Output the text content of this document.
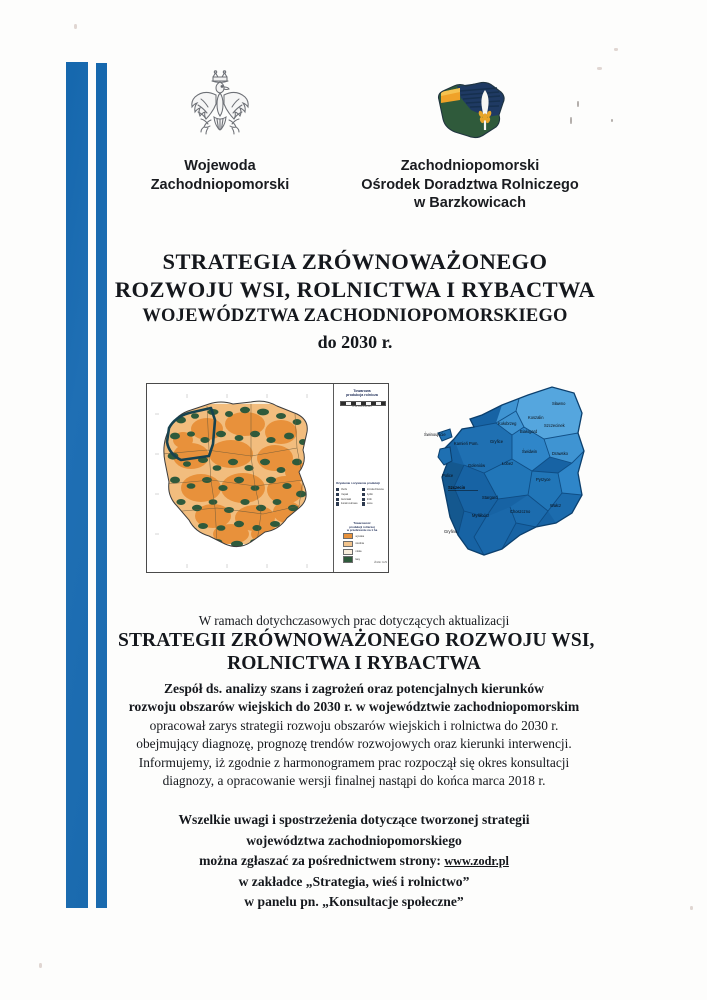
Wojewoda
Zachodniopomorski
Zachodniopomorski
Ośrodek Doradztwa Rolniczego
w Barzkowicach
STRATEGIA ZRÓWNOWAŻONEGO
ROZWOJU WSI, ROLNICTWA I RYBACTWA
WOJEWÓDZTWA ZACHODNIOPOMORSKIEGO
do 2030 r.
Towarowa
produkcja rolnicza
0 50 100 150 km
Ożywienie i ożywienie produkcji
zboża	trzoda chlewna
rzepak	bydło
ziemniaki	drób
buraki cukrowe	owce
Towarowość
produkcji rolniczej
w przeliczeniu na 1 ha
wysoka
średnia
niska
lasy
Źródło: GUS
Świnoujście
Kamień Pom.	Gryfice
Kołobrzeg
Koszalin
Sławno
Szczecinek
Białogard
Świdwin	Drawsko
Goleniów	Łobez
Police
Pyrzyce
Szczecin
Stargard
Choszczno
Wałcz
Myślibórz
Gryfino
W ramach dotychczasowych prac dotyczących aktualizacji
STRATEGII ZRÓWNOWAŻONEGO ROZWOJU WSI,
ROLNICTWA I RYBACTWA

Zespół ds. analizy szans i zagrożeń oraz potencjalnych kierunków

rozwoju obszarów wiejskich do 2030 r. w województwie zachodniopomorskim

opracował zarys strategii rozwoju obszarów wiejskich i rolnictwa do 2030 r.

obejmujący diagnozę, prognozę trendów rozwojowych oraz kierunki interwencji.

Informujemy, iż zgodnie z harmonogramem prac rozpoczął się okres konsultacji

diagnozy, a opracowanie wersji finalnej nastąpi do końca marca 2018 r.

Wszelkie uwagi i spostrzeżenia dotyczące tworzonej strategii

województwa zachodniopomorskiego

można zgłaszać za pośrednictwem strony: www.zodr.pl

w zakładce „Strategia, wieś i rolnictwo”

w panelu pn. „Konsultacje społeczne”
